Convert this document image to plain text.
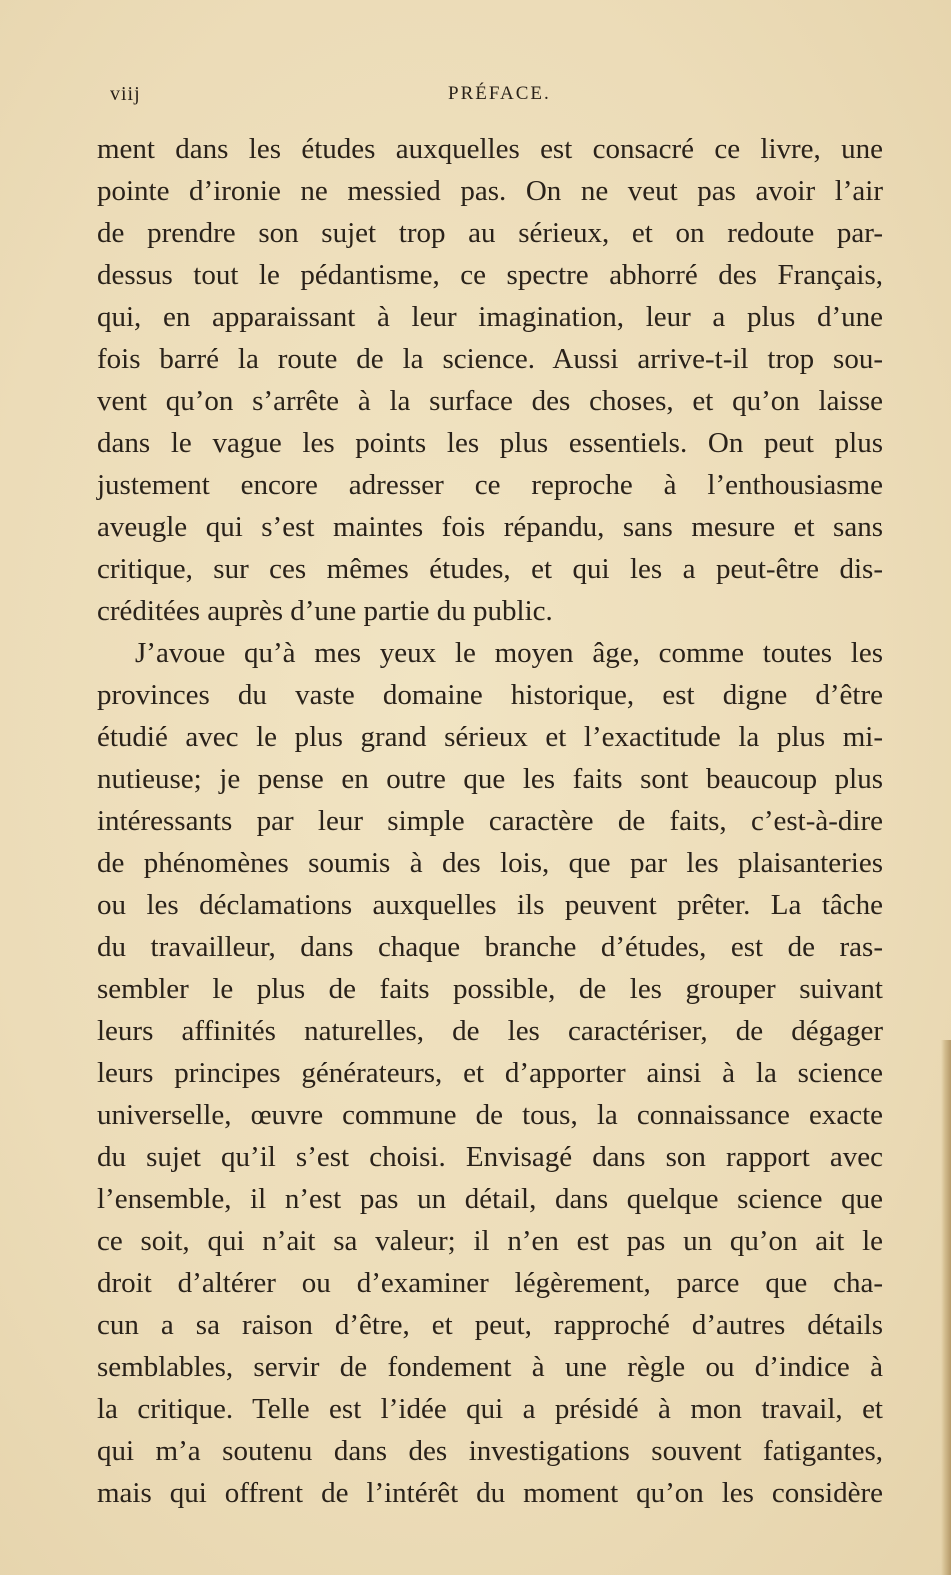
viij	PRÉFACE.
ment dans les études auxquelles est consacré ce livre, une
pointe d’ironie ne messied pas. On ne veut pas avoir l’air
de prendre son sujet trop au sérieux, et on redoute par-
dessus tout le pédantisme, ce spectre abhorré des Français,
qui, en apparaissant à leur imagination, leur a plus d’une
fois barré la route de la science. Aussi arrive-t-il trop sou-
vent qu’on s’arrête à la surface des choses, et qu’on laisse
dans le vague les points les plus essentiels. On peut plus
justement encore adresser ce reproche à l’enthousiasme
aveugle qui s’est maintes fois répandu, sans mesure et sans
critique, sur ces mêmes études, et qui les a peut-être dis-
créditées auprès d’une partie du public.
J’avoue qu’à mes yeux le moyen âge, comme toutes les
provinces du vaste domaine historique, est digne d’être
étudié avec le plus grand sérieux et l’exactitude la plus mi-
nutieuse; je pense en outre que les faits sont beaucoup plus
intéressants par leur simple caractère de faits, c’est-à-dire
de phénomènes soumis à des lois, que par les plaisanteries
ou les déclamations auxquelles ils peuvent prêter. La tâche
du travailleur, dans chaque branche d’études, est de ras-
sembler le plus de faits possible, de les grouper suivant
leurs affinités naturelles, de les caractériser, de dégager
leurs principes générateurs, et d’apporter ainsi à la science
universelle, œuvre commune de tous, la connaissance exacte
du sujet qu’il s’est choisi. Envisagé dans son rapport avec
l’ensemble, il n’est pas un détail, dans quelque science que
ce soit, qui n’ait sa valeur; il n’en est pas un qu’on ait le
droit d’altérer ou d’examiner légèrement, parce que cha-
cun a sa raison d’être, et peut, rapproché d’autres détails
semblables, servir de fondement à une règle ou d’indice à
la critique. Telle est l’idée qui a présidé à mon travail, et
qui m’a soutenu dans des investigations souvent fatigantes,
mais qui offrent de l’intérêt du moment qu’on les considère
